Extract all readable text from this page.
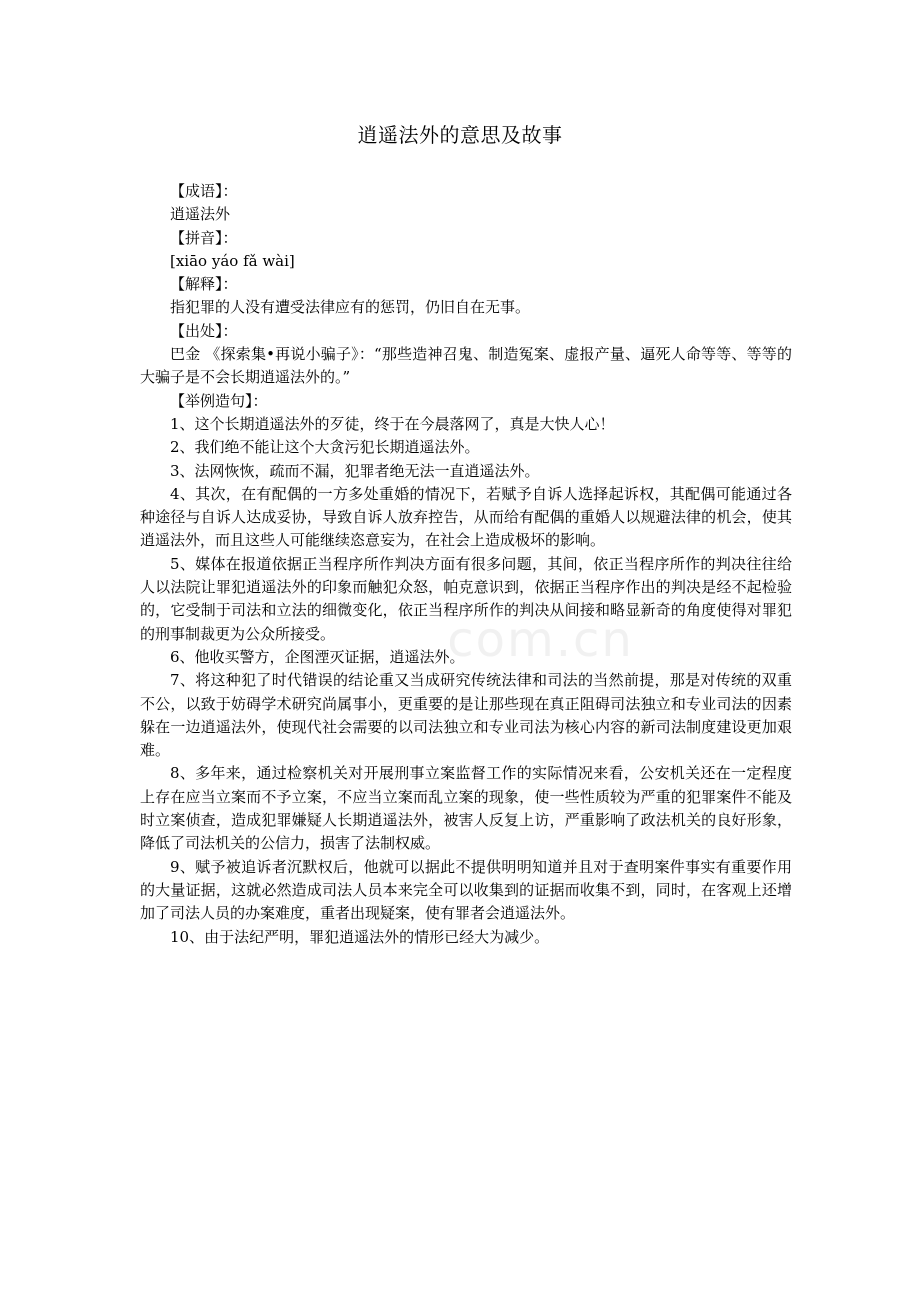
.com.cn
逍遥法外的意思及故事

【成语】：

逍遥法外

【拼音】：

[xiāo yáo fǎ wài]

【解释】：

指犯罪的人没有遭受法律应有的惩罚，仍旧自在无事。

【出处】：

巴金 《探索集•再说小骗子》：“那些造神召鬼、制造冤案、虚报产量、逼死人命等等、等等的大骗子是不会长期逍遥法外的。”

【举例造句】：

1、这个长期逍遥法外的歹徒，终于在今晨落网了，真是大快人心！

2、我们绝不能让这个大贪污犯长期逍遥法外。

3、法网恢恢，疏而不漏，犯罪者绝无法一直逍遥法外。

4、其次，在有配偶的一方多处重婚的情况下，若赋予自诉人选择起诉权，其配偶可能通过各种途径与自诉人达成妥协，导致自诉人放弃控告，从而给有配偶的重婚人以规避法律的机会，使其逍遥法外，而且这些人可能继续恣意妄为，在社会上造成极坏的影响。

5、媒体在报道依据正当程序所作判决方面有很多问题，其间，依正当程序所作的判决往往给人以法院让罪犯逍遥法外的印象而触犯众怒，帕克意识到，依据正当程序作出的判决是经不起检验的，它受制于司法和立法的细微变化，依正当程序所作的判决从间接和略显新奇的角度使得对罪犯的刑事制裁更为公众所接受。

6、他收买警方，企图湮灭证据，逍遥法外。

7、将这种犯了时代错误的结论重又当成研究传统法律和司法的当然前提，那是对传统的双重不公，以致于妨碍学术研究尚属事小，更重要的是让那些现在真正阻碍司法独立和专业司法的因素躲在一边逍遥法外，使现代社会需要的以司法独立和专业司法为核心内容的新司法制度建设更加艰难。

8、多年来，通过检察机关对开展刑事立案监督工作的实际情况来看，公安机关还在一定程度上存在应当立案而不予立案，不应当立案而乱立案的现象，使一些性质较为严重的犯罪案件不能及时立案侦查，造成犯罪嫌疑人长期逍遥法外，被害人反复上访，严重影响了政法机关的良好形象，降低了司法机关的公信力，损害了法制权威。

9、赋予被追诉者沉默权后，他就可以据此不提供明明知道并且对于查明案件事实有重要作用的大量证据，这就必然造成司法人员本来完全可以收集到的证据而收集不到，同时，在客观上还增加了司法人员的办案难度，重者出现疑案，使有罪者会逍遥法外。

10、由于法纪严明，罪犯逍遥法外的情形已经大为减少。
